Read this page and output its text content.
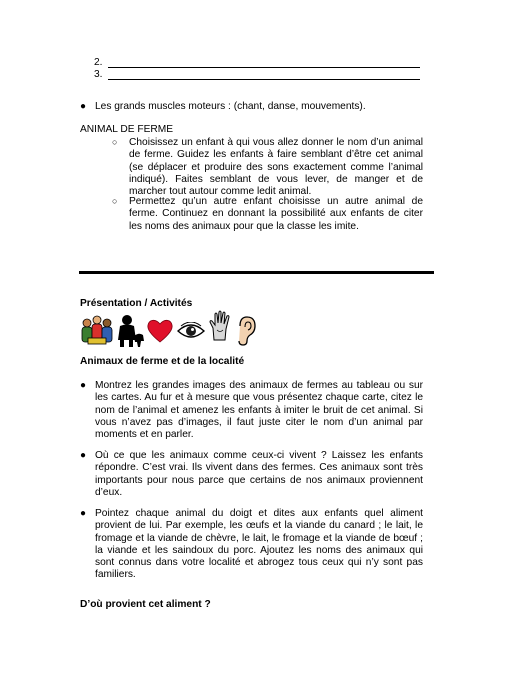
2.
3.
● Les grands muscles moteurs : (chant, danse, mouvements).
ANIMAL DE FERME
○ Choisissez un enfant à qui vous allez donner le nom d’un animal de ferme. Guidez les enfants à faire semblant d’être cet animal (se déplacer et produire des sons exactement comme l’animal indiqué). Faites semblant de vous lever, de manger et de marcher tout autour comme ledit animal.
○ Permettez qu’un autre enfant choisisse un autre animal de ferme. Continuez en donnant la possibilité aux enfants de citer les noms des animaux pour que la classe les imite.
Présentation / Activités
Animaux de ferme et de la localité
● Montrez les grandes images des animaux de fermes au tableau ou sur les cartes. Au fur et à mesure que vous présentez chaque carte, citez le nom de l’animal et amenez les enfants à imiter le bruit de cet animal. Si vous n’avez pas d’images, il faut juste citer le nom d’un animal par moments et en parler.
● Où ce que les animaux comme ceux-ci vivent ? Laissez les enfants répondre. C’est vrai. Ils vivent dans des fermes. Ces animaux sont très importants pour nous parce que certains de nos animaux proviennent d’eux.
● Pointez chaque animal du doigt et dites aux enfants quel aliment provient de lui. Par exemple, les œufs et la viande du canard ; le lait, le fromage et la viande de chèvre, le lait, le fromage et la viande de bœuf ; la viande et les saindoux du porc. Ajoutez les noms des animaux qui sont connus dans votre localité et abrogez tous ceux qui n’y sont pas familiers.
D’où provient cet aliment ?
